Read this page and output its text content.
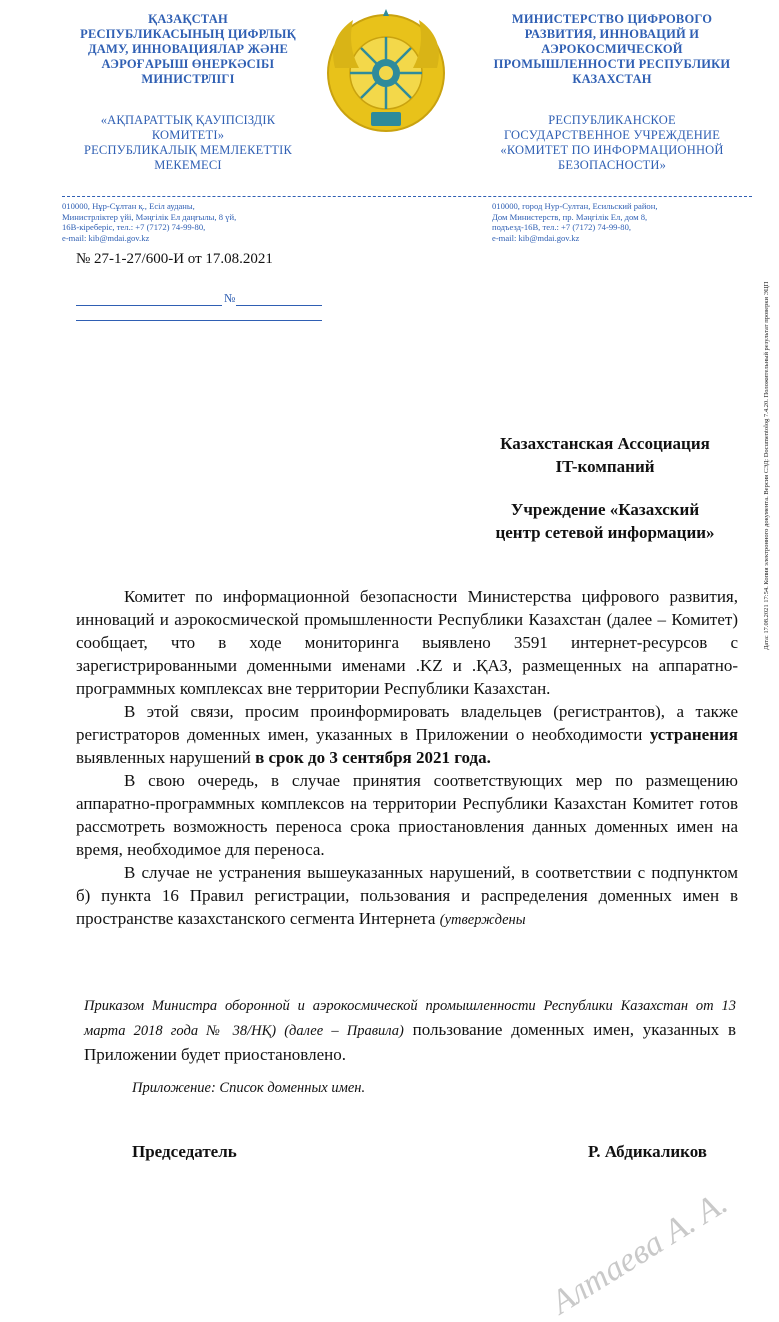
ҚАЗАҚСТАН
РЕСПУБЛИКАСЫНЫҢ ЦИФРЛЫҚ
ДАМУ, ИННОВАЦИЯЛАР ЖӘНЕ
АЭРОҒАРЫШ ӨНЕРКӘСІБІ
МИНИСТРЛІГІ
«АҚПАРАТТЫҚ ҚАУІПСІЗДІК
КОМИТЕТІ»
РЕСПУБЛИКАЛЫҚ МЕМЛЕКЕТТІК
МЕКЕМЕСІ
МИНИСТЕРСТВО ЦИФРОВОГО
РАЗВИТИЯ, ИННОВАЦИЙ И
АЭРОКОСМИЧЕСКОЙ
ПРОМЫШЛЕННОСТИ РЕСПУБЛИКИ
КАЗАХСТАН
РЕСПУБЛИКАНСКОЕ
ГОСУДАРСТВЕННОЕ УЧРЕЖДЕНИЕ
«КОМИТЕТ ПО ИНФОРМАЦИОННОЙ
БЕЗОПАСНОСТИ»
010000, Нұр-Сұлтан қ., Есіл ауданы,
Министрліктер үйі, Мәңгілік Ел даңғылы, 8 үй,
16В-кіреберіс, тел.: +7 (7172) 74-99-80,
e-mail: kib@mdai.gov.kz
010000, город Нур-Султан, Есильский район,
Дом Министерств, пр. Мәңгілік Ел, дом 8,
подъезд-16В, тел.: +7 (7172) 74-99-80,
e-mail: kib@mdai.gov.kz
№ 27-1-27/600-И от 17.08.2021
№
Казахстанская Ассоциация
IT-компаний
Учреждение «Казахский
центр сетевой информации»

Комитет по информационной безопасности Министерства цифрового развития, инноваций и аэрокосмической промышленности Республики Казахстан (далее – Комитет) сообщает, что в ходе мониторинга выявлено 3591 интернет-ресурсов с зарегистрированными доменными именами .KZ и .ҚАЗ, размещенных на аппаратно-программных комплексах вне территории Республики Казахстан.

В этой связи, просим проинформировать владельцев (регистрантов), а также регистраторов доменных имен, указанных в Приложении о необходимости устранения выявленных нарушений в срок до 3 сентября 2021 года.

В свою очередь, в случае принятия соответствующих мер по размещению аппаратно-программных комплексов на территории Республики Казахстан Комитет готов рассмотреть возможность переноса срока приостановления данных доменных имен на время, необходимое для переноса.

В случае не устранения вышеуказанных нарушений, в соответствии с подпунктом б) пункта 16 Правил регистрации, пользования и распределения доменных имен в пространстве казахстанского сегмента Интернета (утверждены

Приказом Министра оборонной и аэрокосмической промышленности Республики Казахстан от 13 марта 2018 года № 38/НҚ) (далее – Правила) пользование доменных имен, указанных в Приложении будет приостановлено.
Приложение: Список доменных имен.
Председатель	Р. Абдикаликов
Дата: 17.08.2021 17:54. Копия электронного документа. Версия СЭД: Documentolog 7.4.20. Положительный результат проверки ЭЦП
Алтаева А. А.
